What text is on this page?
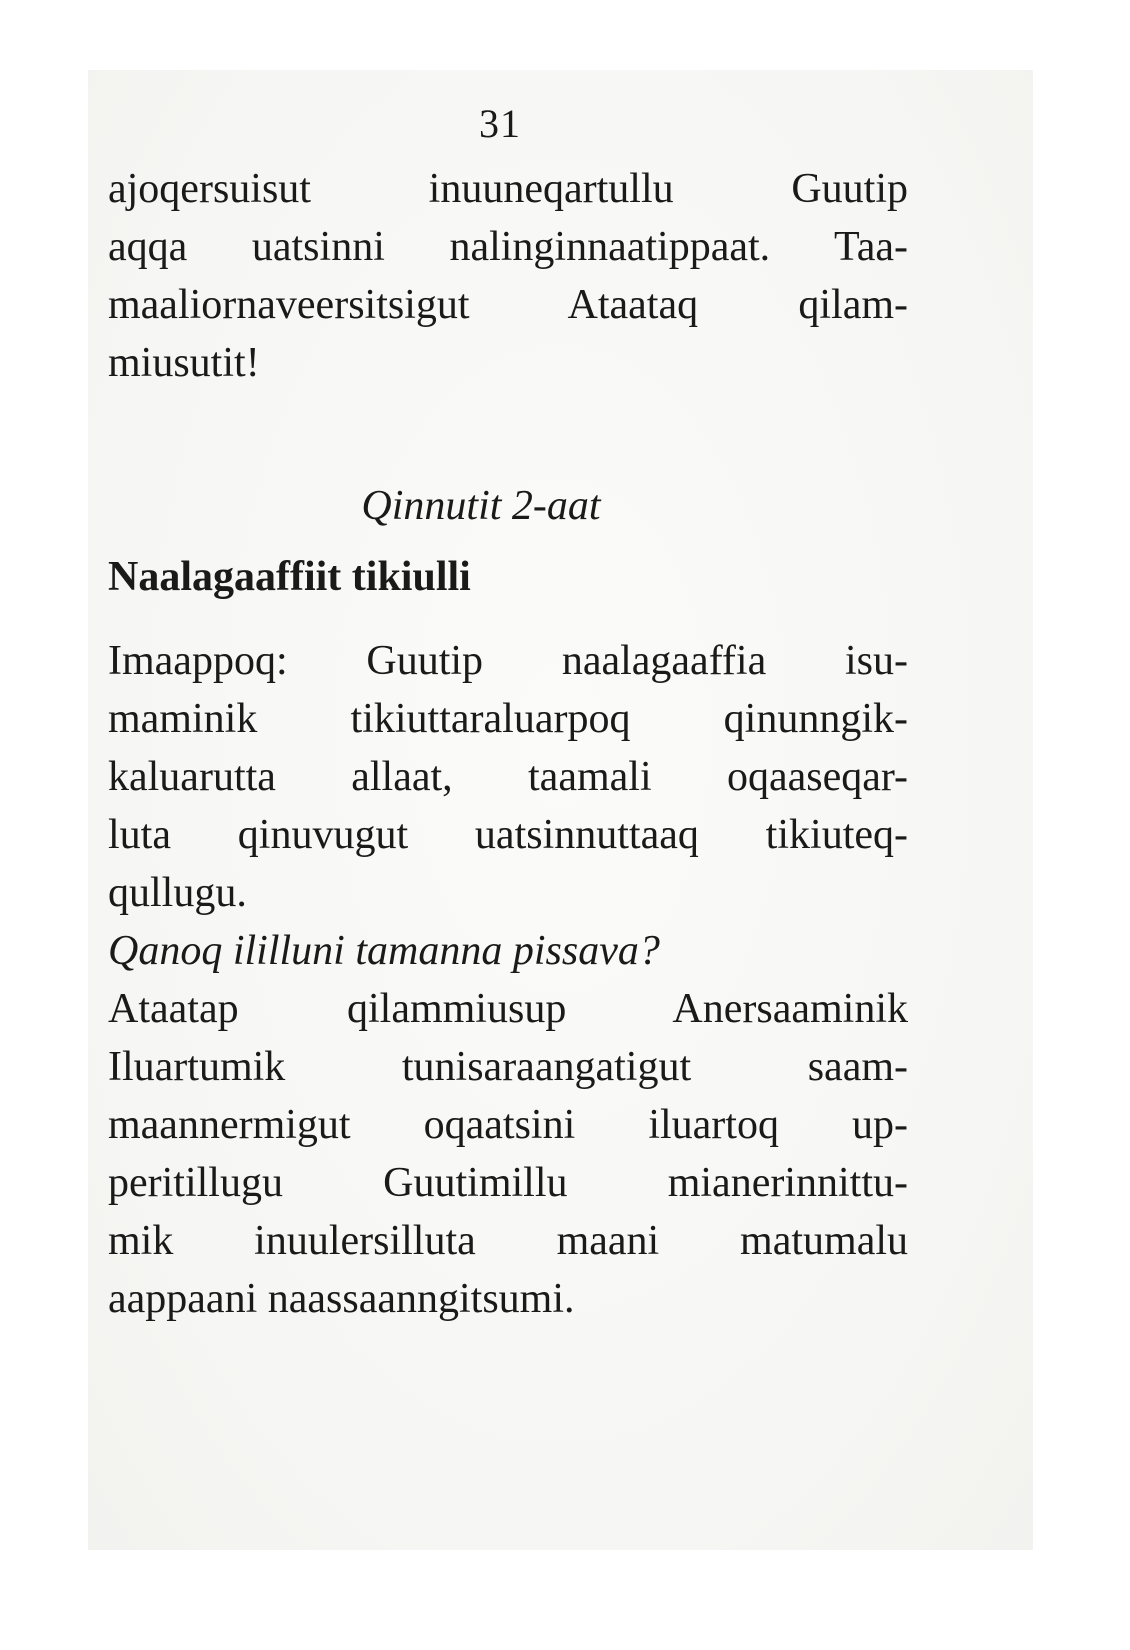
31
ajoqersuisut inuuneqartullu Guutip
aqqa uatsinni nalinginnaatippaat. Taa-
maaliornaveersitsigut Ataataq qilam-
miusutit!
Qinnutit 2-aat
Naalagaaffiit tikiulli
Imaappoq: Guutip naalagaaffia isu-
maminik tikiuttaraluarpoq qinunngik-
kaluarutta allaat, taamali oqaaseqar-
luta qinuvugut uatsinnuttaaq tikiuteq-
qullugu.
Qanoq ililluni tamanna pissava?
Ataatap qilammiusup Anersaaminik
Iluartumik tunisaraangatigut saam-
maannermigut oqaatsini iluartoq up-
peritillugu Guutimillu mianerinnittu-
mik inuulersilluta maani matumalu
aappaani naassaanngitsumi.
